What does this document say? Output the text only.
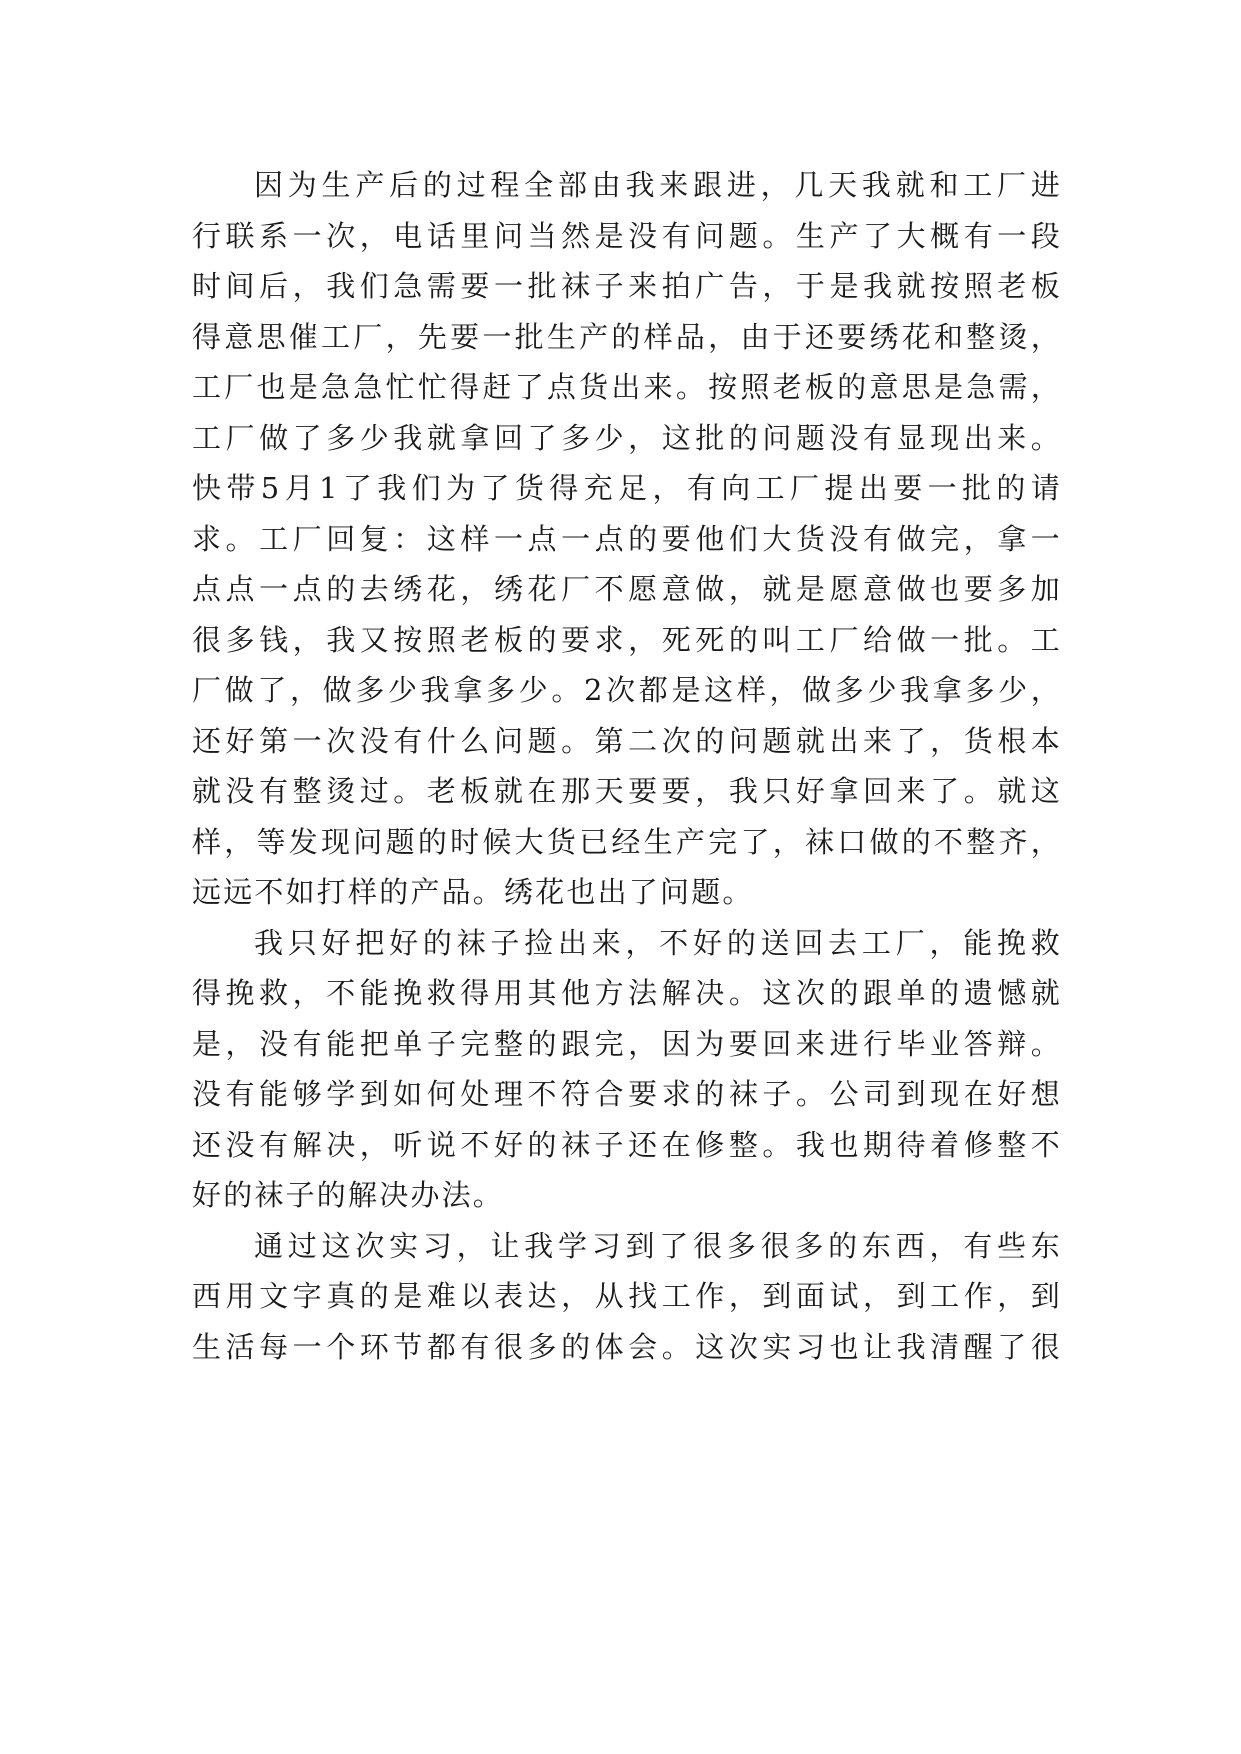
因为生产后的过程全部由我来跟进，几天我就和工厂进
行联系一次，电话里问当然是没有问题。生产了大概有一段
时间后，我们急需要一批袜子来拍广告，于是我就按照老板
得意思催工厂，先要一批生产的样品，由于还要绣花和整烫，
工厂也是急急忙忙得赶了点货出来。按照老板的意思是急需，
工厂做了多少我就拿回了多少，这批的问题没有显现出来。
快带5月1了我们为了货得充足，有向工厂提出要一批的请
求。工厂回复：这样一点一点的要他们大货没有做完，拿一
点点一点的去绣花，绣花厂不愿意做，就是愿意做也要多加
很多钱，我又按照老板的要求，死死的叫工厂给做一批。工
厂做了，做多少我拿多少。2次都是这样，做多少我拿多少，
还好第一次没有什么问题。第二次的问题就出来了，货根本
就没有整烫过。老板就在那天要要，我只好拿回来了。就这
样，等发现问题的时候大货已经生产完了，袜口做的不整齐，
远远不如打样的产品。绣花也出了问题。
我只好把好的袜子捡出来，不好的送回去工厂，能挽救
得挽救，不能挽救得用其他方法解决。这次的跟单的遗憾就
是，没有能把单子完整的跟完，因为要回来进行毕业答辩。
没有能够学到如何处理不符合要求的袜子。公司到现在好想
还没有解决，听说不好的袜子还在修整。我也期待着修整不
好的袜子的解决办法。
通过这次实习，让我学习到了很多很多的东西，有些东
西用文字真的是难以表达，从找工作，到面试，到工作，到
生活每一个环节都有很多的体会。这次实习也让我清醒了很
